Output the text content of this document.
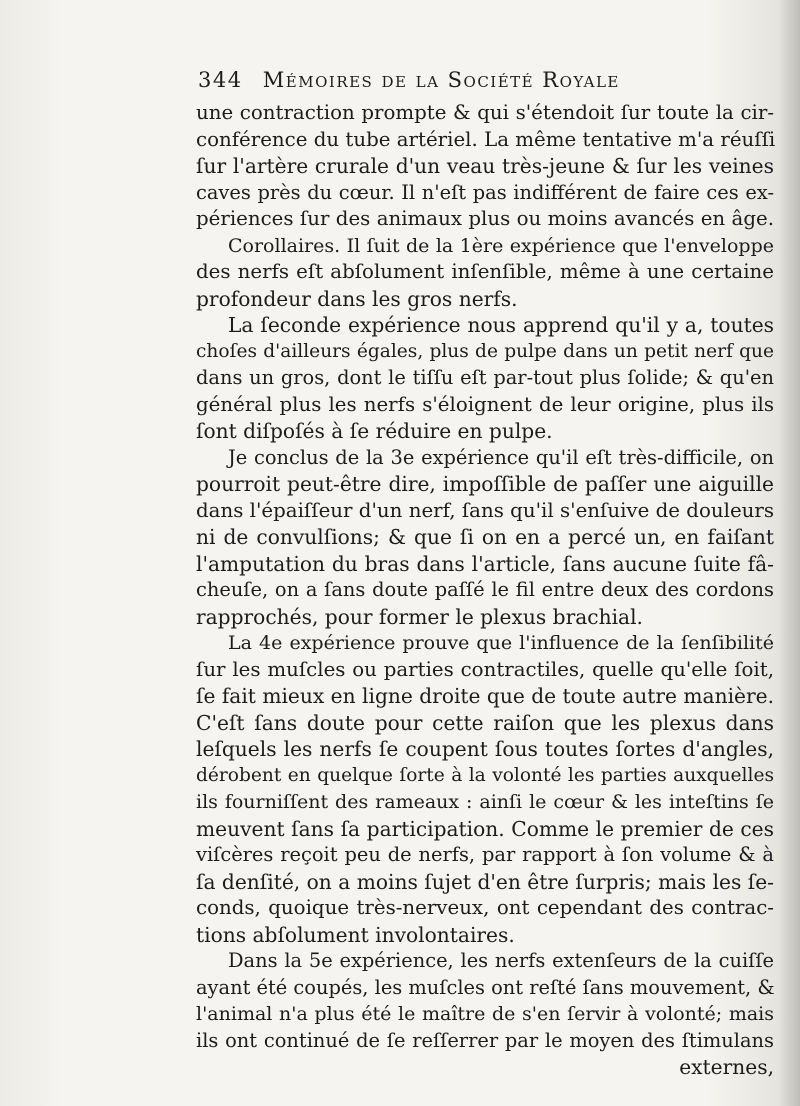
344 Mémoires de la Société Royale
une contraction prompte & qui s'étendoit ſur toute la cir-
conférence du tube artériel. La même tentative m'a réuſſi
ſur l'artère crurale d'un veau très-jeune & ſur les veines
caves près du cœur. Il n'eſt pas indifférent de faire ces ex-
périences ſur des animaux plus ou moins avancés en âge.
Corollaires. Il ſuit de la 1ère expérience que l'enveloppe
des nerfs eſt abſolument inſenſible, même à une certaine
profondeur dans les gros nerfs.
La ſeconde expérience nous apprend qu'il y a, toutes
choſes d'ailleurs égales, plus de pulpe dans un petit nerf que
dans un gros, dont le tiſſu eſt par-tout plus ſolide; & qu'en
général plus les nerfs s'éloignent de leur origine, plus ils
ſont diſpoſés à ſe réduire en pulpe.
Je conclus de la 3e expérience qu'il eſt très-difficile, on
pourroit peut-être dire, impoſſible de paſſer une aiguille
dans l'épaiſſeur d'un nerf, ſans qu'il s'enſuive de douleurs
ni de convulſions; & que ſi on en a percé un, en faiſant
l'amputation du bras dans l'article, ſans aucune ſuite fâ-
cheuſe, on a ſans doute paſſé le fil entre deux des cordons
rapprochés, pour former le plexus brachial.
La 4e expérience prouve que l'influence de la ſenſibilité
ſur les muſcles ou parties contractiles, quelle qu'elle ſoit,
ſe fait mieux en ligne droite que de toute autre manière.
C'eſt ſans doute pour cette raiſon que les plexus dans
leſquels les nerfs ſe coupent ſous toutes ſortes d'angles,
dérobent en quelque ſorte à la volonté les parties auxquelles
ils fourniſſent des rameaux : ainſi le cœur & les inteſtins ſe
meuvent ſans ſa participation. Comme le premier de ces
viſcères reçoit peu de nerfs, par rapport à ſon volume & à
ſa denſité, on a moins ſujet d'en être ſurpris; mais les ſe-
conds, quoique très-nerveux, ont cependant des contrac-
tions abſolument involontaires.
Dans la 5e expérience, les nerfs extenſeurs de la cuiſſe
ayant été coupés, les muſcles ont reſté ſans mouvement, &
l'animal n'a plus été le maître de s'en ſervir à volonté; mais
ils ont continué de ſe reſſerrer par le moyen des ſtimulans
externes,
